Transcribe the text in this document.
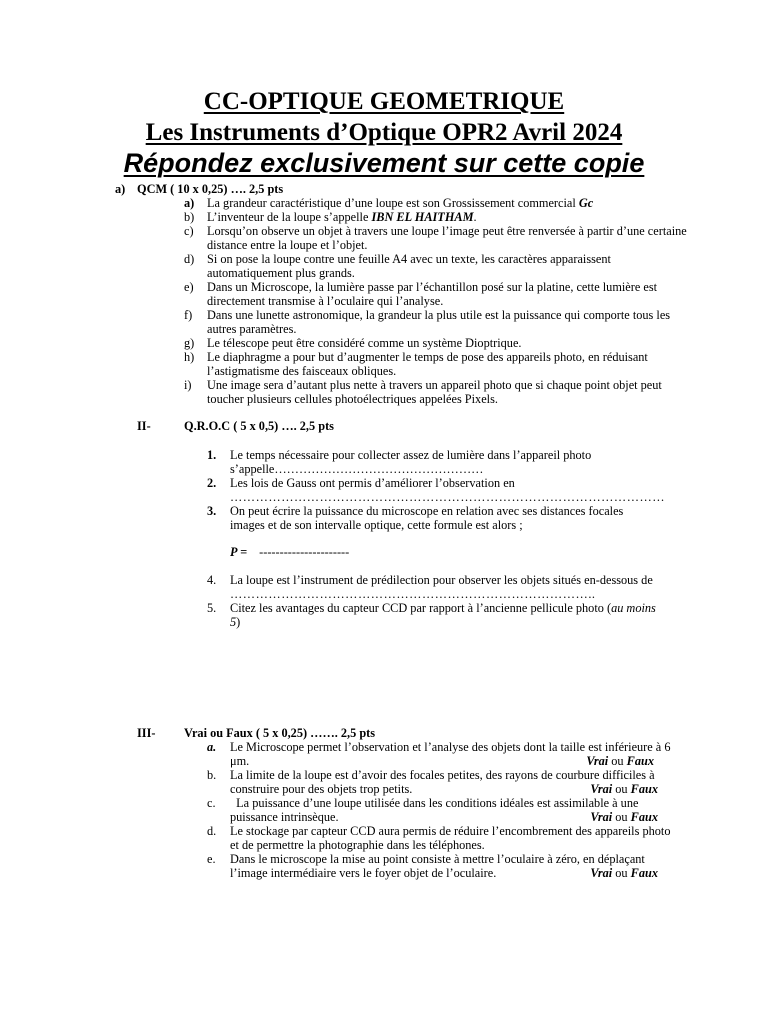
CC-OPTIQUE GEOMETRIQUE
Les Instruments d’Optique OPR2 Avril 2024
Répondez exclusivement sur cette copie
a) QCM ( 10 x 0,25) …. 2,5 pts
a) La grandeur caractéristique d’une loupe est son Grossissement commercial Gc
b) L’inventeur de la loupe s’appelle IBN EL HAITHAM.
c) Lorsqu’on observe un objet à travers une loupe l’image peut être renversée à partir d’une certaine distance entre la loupe et l’objet.
d) Si on pose la loupe contre une feuille A4 avec un texte, les caractères apparaissent automatiquement plus grands.
e) Dans un Microscope, la lumière passe par l’échantillon posé sur la platine, cette lumière est directement transmise à l’oculaire qui l’analyse.
f) Dans une lunette astronomique, la grandeur la plus utile est la puissance qui comporte tous les autres paramètres.
g) Le télescope peut être considéré comme un système Dioptrique.
h) Le diaphragme a pour but d’augmenter le temps de pose des appareils photo, en réduisant l’astigmatisme des faisceaux obliques.
i) Une image sera d’autant plus nette à travers un appareil photo que si chaque point objet peut toucher plusieurs cellules photoélectriques appelées Pixels.
II-	Q.R.O.C ( 5 x 0,5) …. 2,5 pts
1. Le temps nécessaire pour collecter assez de lumière dans l’appareil photo s’appelle……………………………………………
2. Les lois de Gauss ont permis d’améliorer l’observation en
…………………………………………………………………………………………
3. On peut écrire la puissance du microscope en relation avec ses distances focales images et de son intervalle optique, cette formule est alors ;
P = ----------------------
4. La loupe est l’instrument de prédilection pour observer les objets situés en-dessous de
…………………………………………………………………………..
5. Citez les avantages du capteur CCD par rapport à l’ancienne pellicule photo (au moins 5)
III- Vrai ou Faux ( 5 x 0,25) ……. 2,5 pts
a. Le Microscope permet l’observation et l’analyse des objets dont la taille est inférieure à 6 μm.	Vrai ou Faux
b. La limite de la loupe est d’avoir des focales petites, des rayons de courbure difficiles à construire pour des objets trop petits.	Vrai ou Faux
c. La puissance d’une loupe utilisée dans les conditions idéales est assimilable à une puissance intrinsèque.	Vrai ou Faux
d. Le stockage par capteur CCD aura permis de réduire l’encombrement des appareils photo et de permettre la photographie dans les téléphones.
e. Dans le microscope la mise au point consiste à mettre l’oculaire à zéro, en déplaçant l’image intermédiaire vers le foyer objet de l’oculaire.	Vrai ou Faux
